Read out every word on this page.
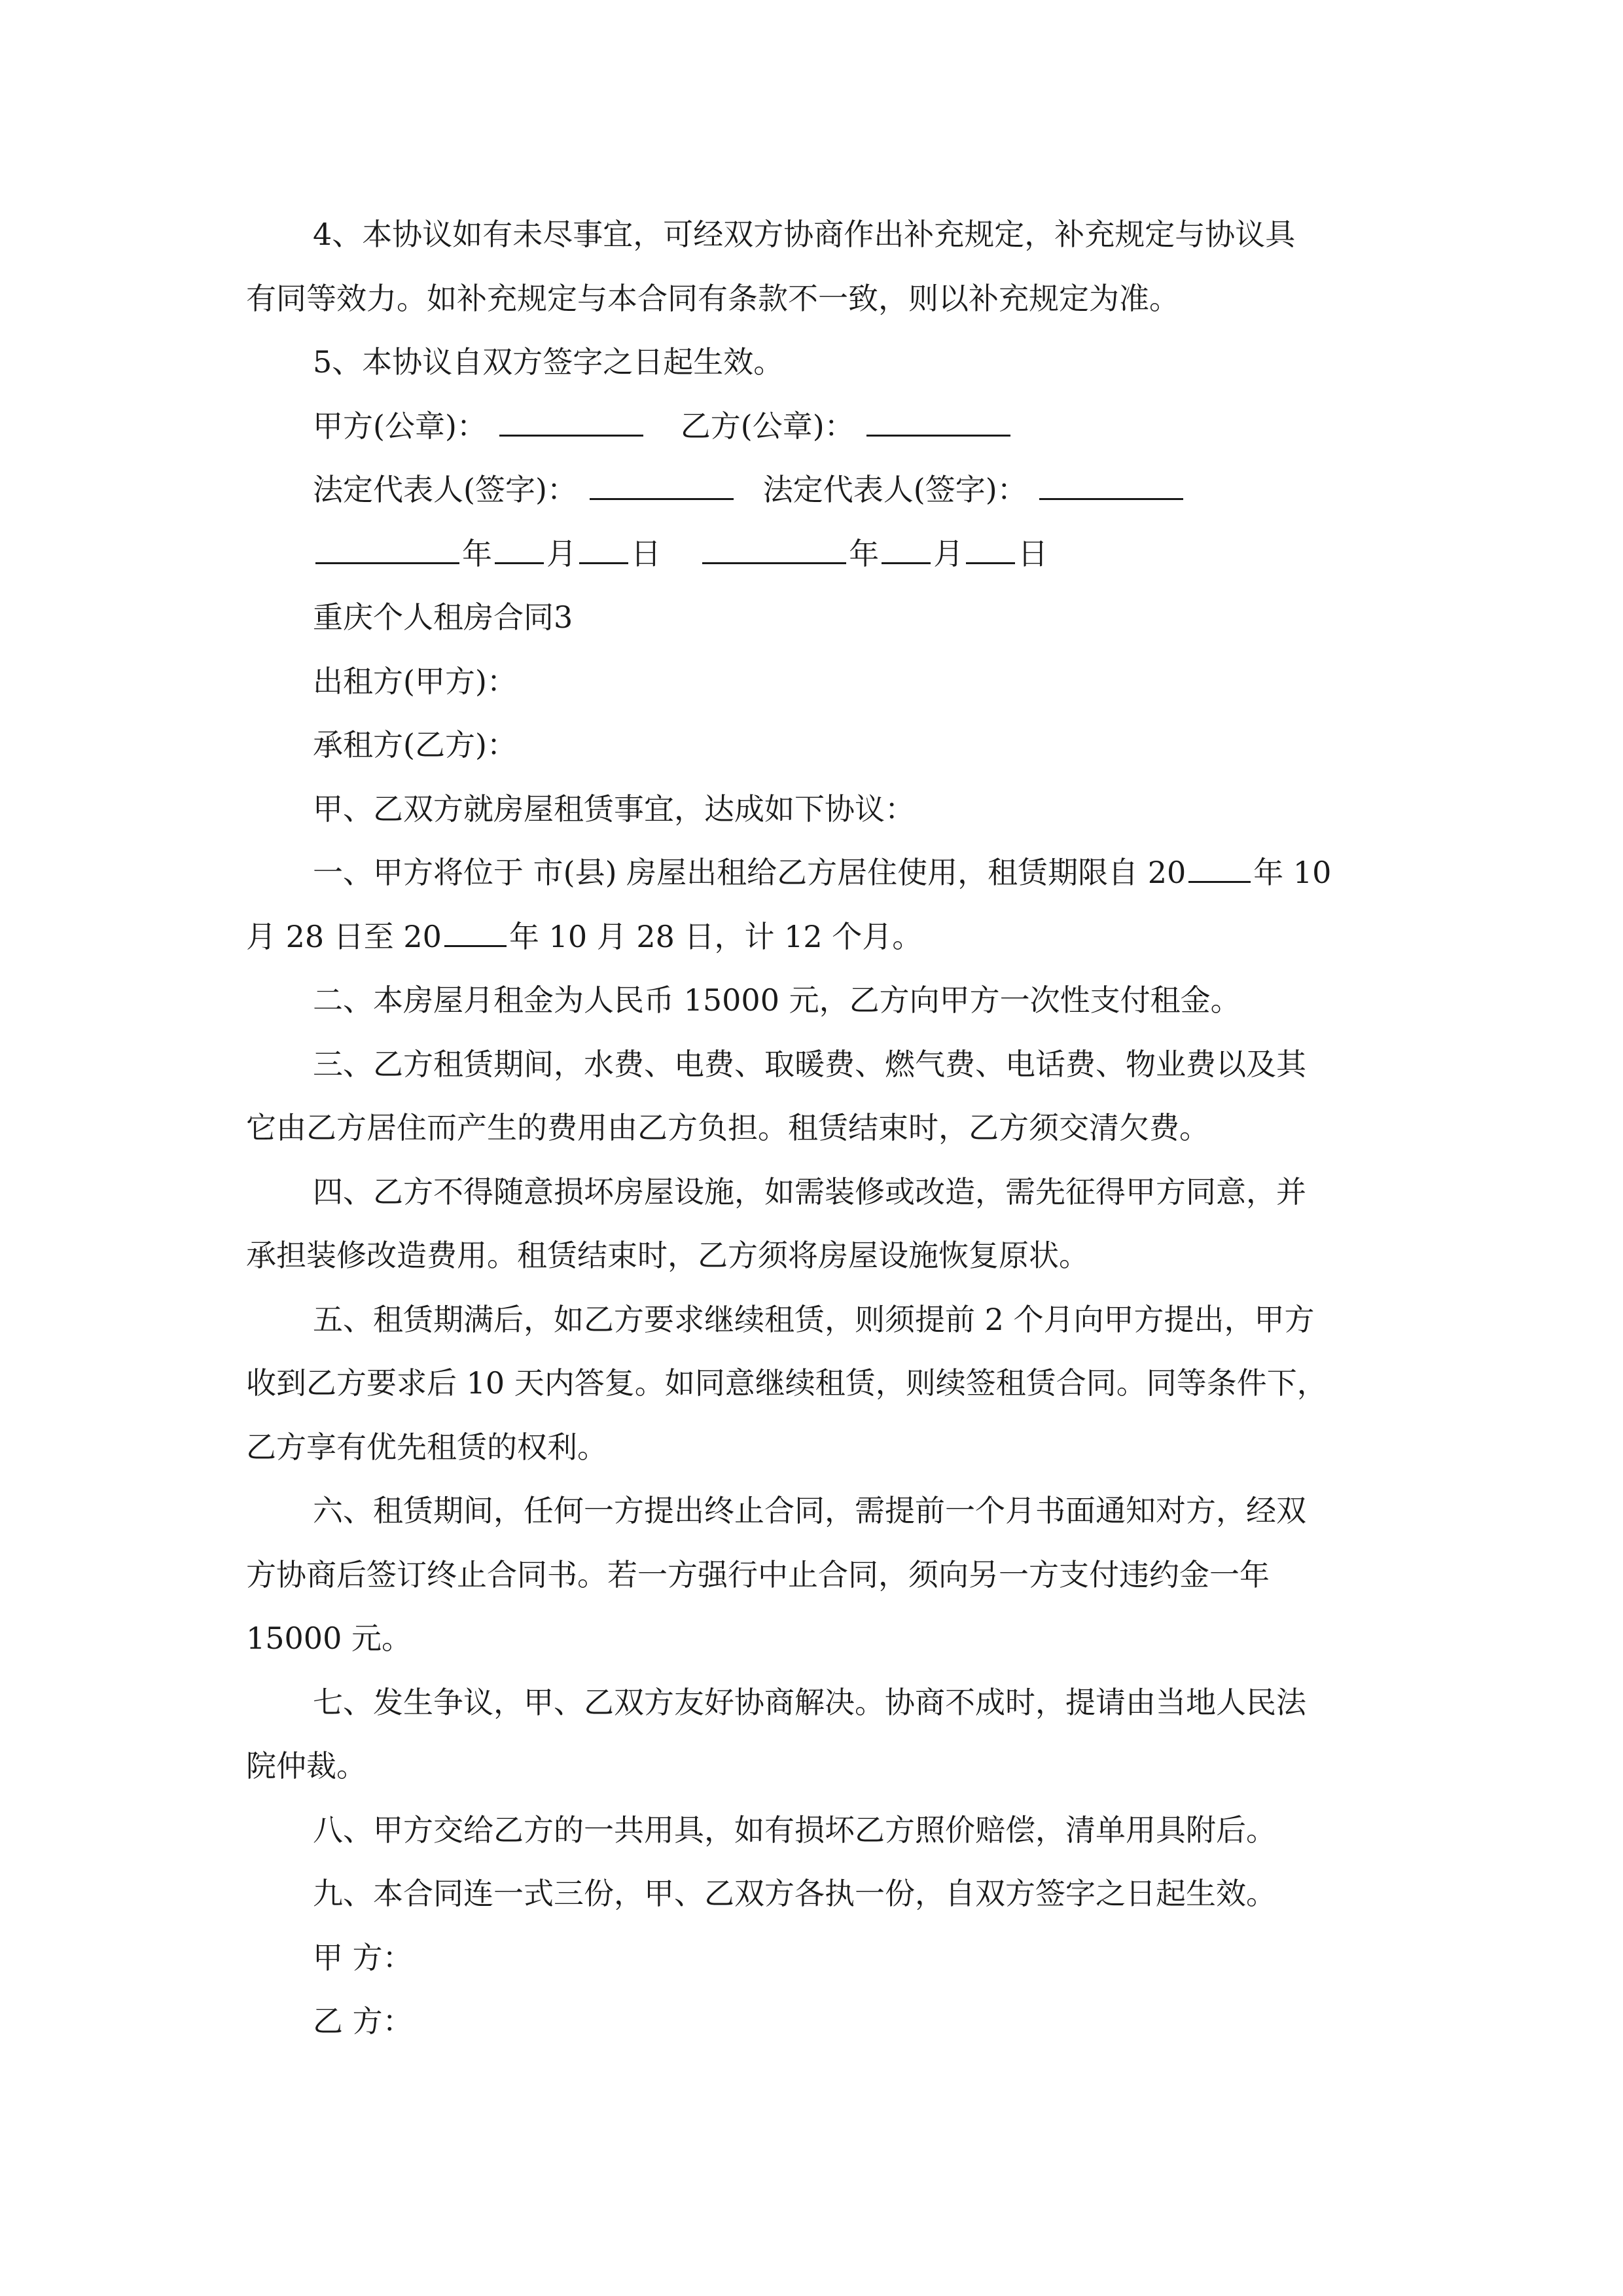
4、本协议如有未尽事宜，可经双方协商作出补充规定，补充规定与协议具

有同等效力。如补充规定与本合同有条款不一致，则以补充规定为准。

5、本协议自双方签字之日起生效。

甲方(公章)：	乙方(公章)：

法定代表人(签字)：	法定代表人(签字)：

年 月 日	年 月 日

重庆个人租房合同3

出租方(甲方)：

承租方(乙方)：

甲、乙双方就房屋租赁事宜，达成如下协议：

一、甲方将位于 市(县) 房屋出租给乙方居住使用，租赁期限自 20 年 10

月 28 日至 20 年 10 月 28 日，计 12 个月。

二、本房屋月租金为人民币 15000 元，乙方向甲方一次性支付租金。

三、乙方租赁期间，水费、电费、取暖费、燃气费、电话费、物业费以及其

它由乙方居住而产生的费用由乙方负担。租赁结束时，乙方须交清欠费。

四、乙方不得随意损坏房屋设施，如需装修或改造，需先征得甲方同意，并

承担装修改造费用。租赁结束时，乙方须将房屋设施恢复原状。

五、租赁期满后，如乙方要求继续租赁，则须提前 2 个月向甲方提出，甲方

收到乙方要求后 10 天内答复。如同意继续租赁，则续签租赁合同。同等条件下，

乙方享有优先租赁的权利。

六、租赁期间，任何一方提出终止合同，需提前一个月书面通知对方，经双

方协商后签订终止合同书。若一方强行中止合同，须向另一方支付违约金一年

15000 元。

七、发生争议，甲、乙双方友好协商解决。协商不成时，提请由当地人民法

院仲裁。

八、甲方交给乙方的一共用具，如有损坏乙方照价赔偿，清单用具附后。

九、本合同连一式三份，甲、乙双方各执一份，自双方签字之日起生效。

甲 方：

乙 方：
